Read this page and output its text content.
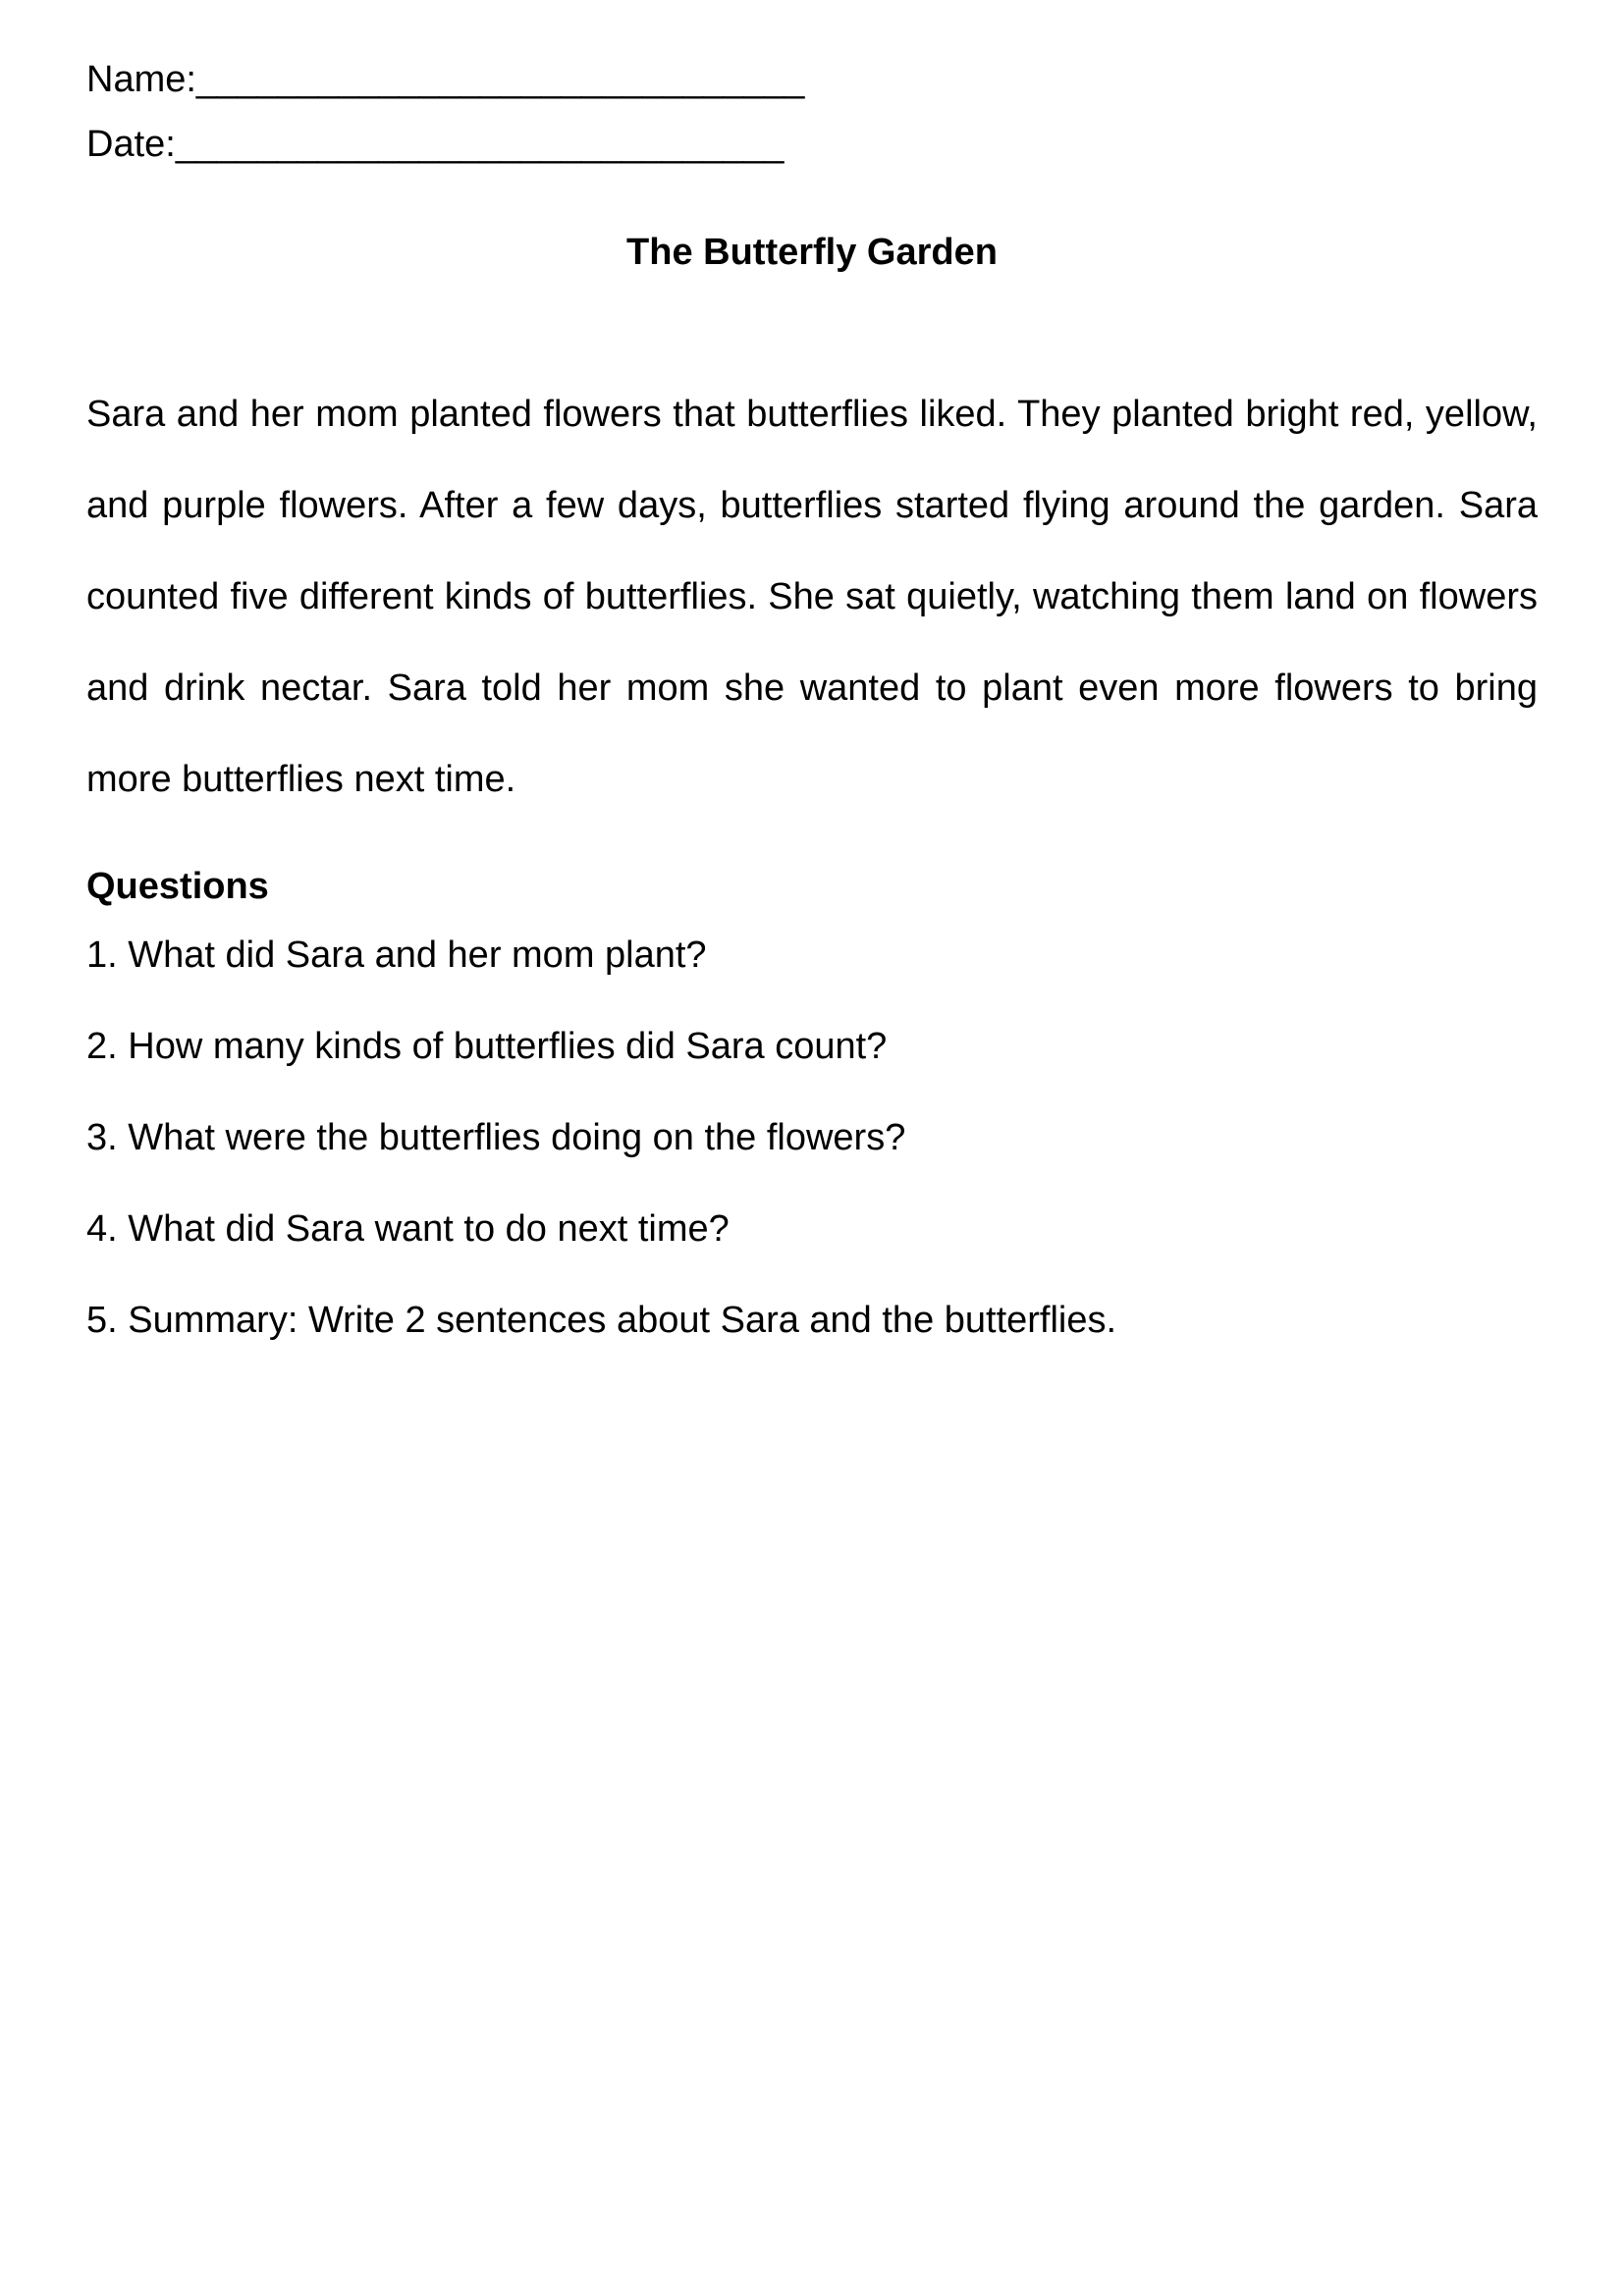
Name:______________________________
Date:______________________________
The Butterfly Garden

Sara and her mom planted flowers that butterflies liked. They planted bright red, yellow, and purple flowers. After a few days, butterflies started flying around the garden. Sara counted five different kinds of butterflies. She sat quietly, watching them land on flowers and drink nectar. Sara told her mom she wanted to plant even more flowers to bring more butterflies next time.

Questions
1. What did Sara and her mom plant?
2. How many kinds of butterflies did Sara count?
3. What were the butterflies doing on the flowers?
4. What did Sara want to do next time?
5. Summary: Write 2 sentences about Sara and the butterflies.
